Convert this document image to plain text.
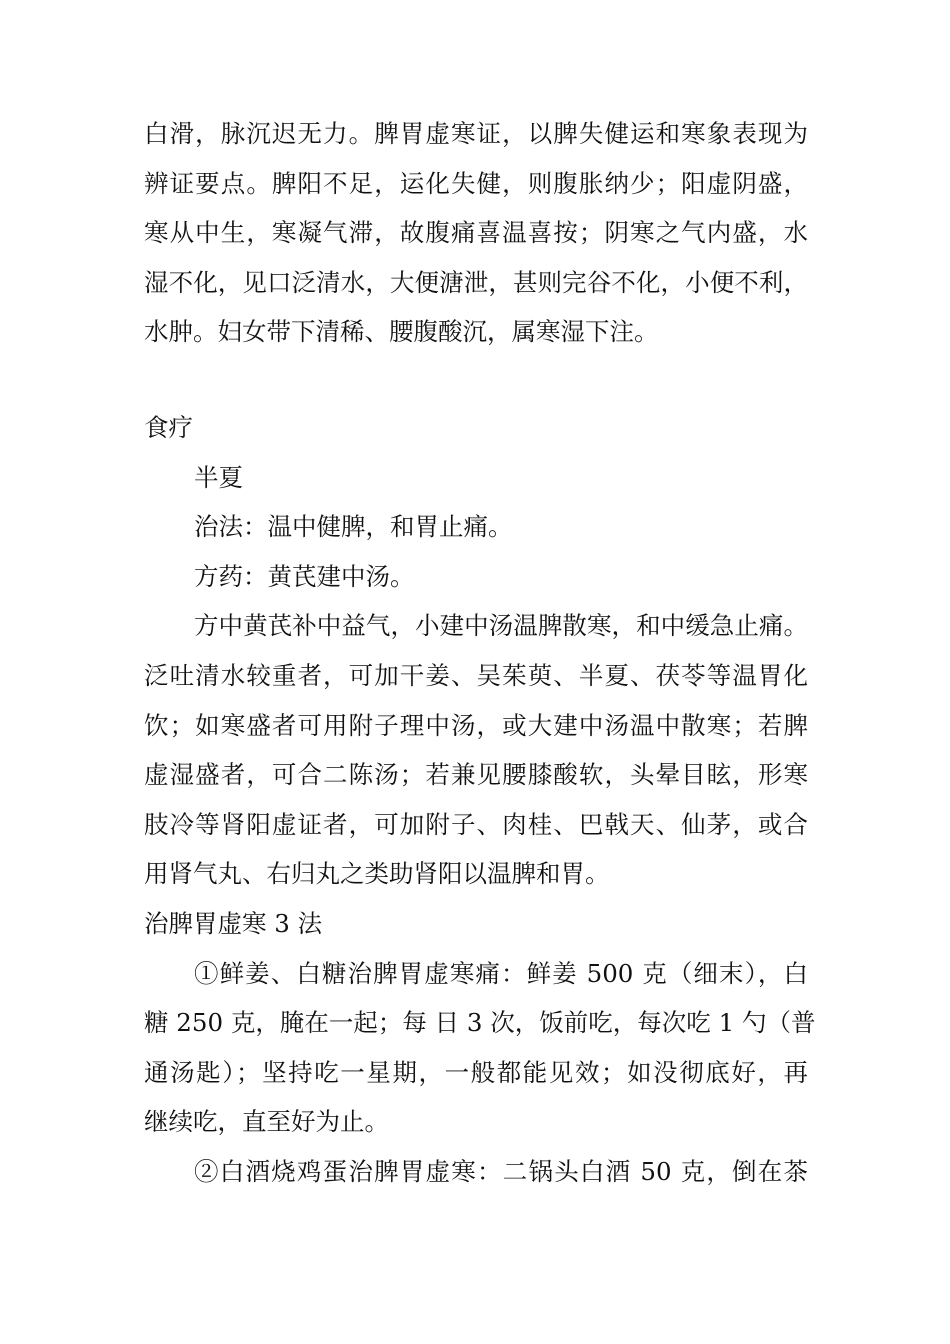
白滑，脉沉迟无力。脾胃虚寒证，以脾失健运和寒象表现为
辨证要点。脾阳不足，运化失健，则腹胀纳少；阳虚阴盛，
寒从中生，寒凝气滞，故腹痛喜温喜按；阴寒之气内盛，水
湿不化，见口泛清水，大便溏泄，甚则完谷不化，小便不利，
水肿。妇女带下清稀、腰腹酸沉，属寒湿下注。
食疗
半夏
治法：温中健脾，和胃止痛。
方药：黄芪建中汤。
方中黄芪补中益气，小建中汤温脾散寒，和中缓急止痛。
泛吐清水较重者，可加干姜、吴茱萸、半夏、茯苓等温胃化
饮；如寒盛者可用附子理中汤，或大建中汤温中散寒；若脾
虚湿盛者，可合二陈汤；若兼见腰膝酸软，头晕目眩，形寒
肢冷等肾阳虚证者，可加附子、肉桂、巴戟天、仙茅，或合
用肾气丸、右归丸之类助肾阳以温脾和胃。
治脾胃虚寒 3 法
①鲜姜、白糖治脾胃虚寒痛：鲜姜 500 克（细末），白
糖 250 克，腌在一起；每 日 3 次，饭前吃，每次吃 1 勺（普
通汤匙）；坚持吃一星期，一般都能见效；如没彻底好，再
继续吃，直至好为止。
②白酒烧鸡蛋治脾胃虚寒：二锅头白酒 50 克，倒在茶
